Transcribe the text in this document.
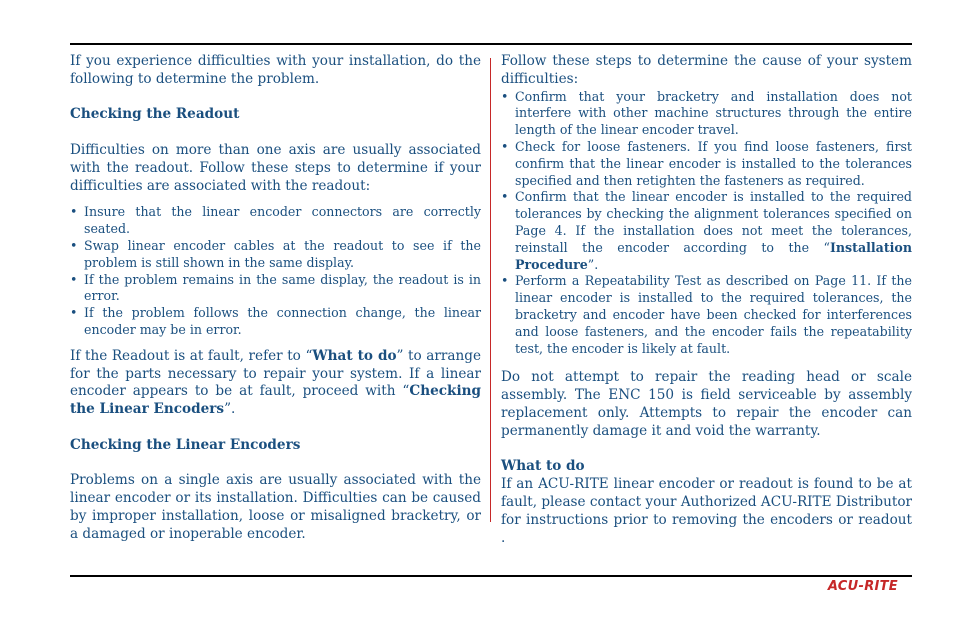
If you experience difficulties with your installation, do the following to determine the problem.

Checking the Readout

Difficulties on more than one axis are usually associated with the readout. Follow these steps to determine if your difficulties are associated with the readout:

• Insure that the linear encoder connectors are correctly seated.
• Swap linear encoder cables at the readout to see if the problem is still shown in the same display.
• If the problem remains in the same display, the readout is in error.
• If the problem follows the connection change, the linear encoder may be in error.

If the Readout is at fault, refer to “What to do” to arrange for the parts necessary to repair your system. If a linear encoder appears to be at fault, proceed with “Checking the Linear Encoders”.

Checking the Linear Encoders

Problems on a single axis are usually associated with the linear encoder or its installation. Difficulties can be caused by improper installation, loose or misaligned bracketry, or a damaged or inoperable encoder.

Follow these steps to determine the cause of your system difficulties:

• Confirm that your bracketry and installation does not interfere with other machine structures through the entire length of the linear encoder travel.
• Check for loose fasteners. If you find loose fasteners, first confirm that the linear encoder is installed to the tolerances specified and then retighten the fasteners as required.
• Confirm that the linear encoder is installed to the required tolerances by checking the alignment tolerances specified on Page 4. If the installation does not meet the tolerances, reinstall the encoder according to the “Installation Procedure”.
• Perform a Repeatability Test as described on Page 11. If the linear encoder is installed to the required tolerances, the bracketry and encoder have been checked for interferences and loose fasteners, and the encoder fails the repeatability test, the encoder is likely at fault.

Do not attempt to repair the reading head or scale assembly. The ENC 150 is field serviceable by assembly replacement only. Attempts to repair the encoder can permanently damage it and void the warranty.

What to do

If an ACU-RITE linear encoder or readout is found to be at fault, please contact your Authorized ACU-RITE Distributor for instructions prior to removing the encoders or readout .

ACU-RITE
